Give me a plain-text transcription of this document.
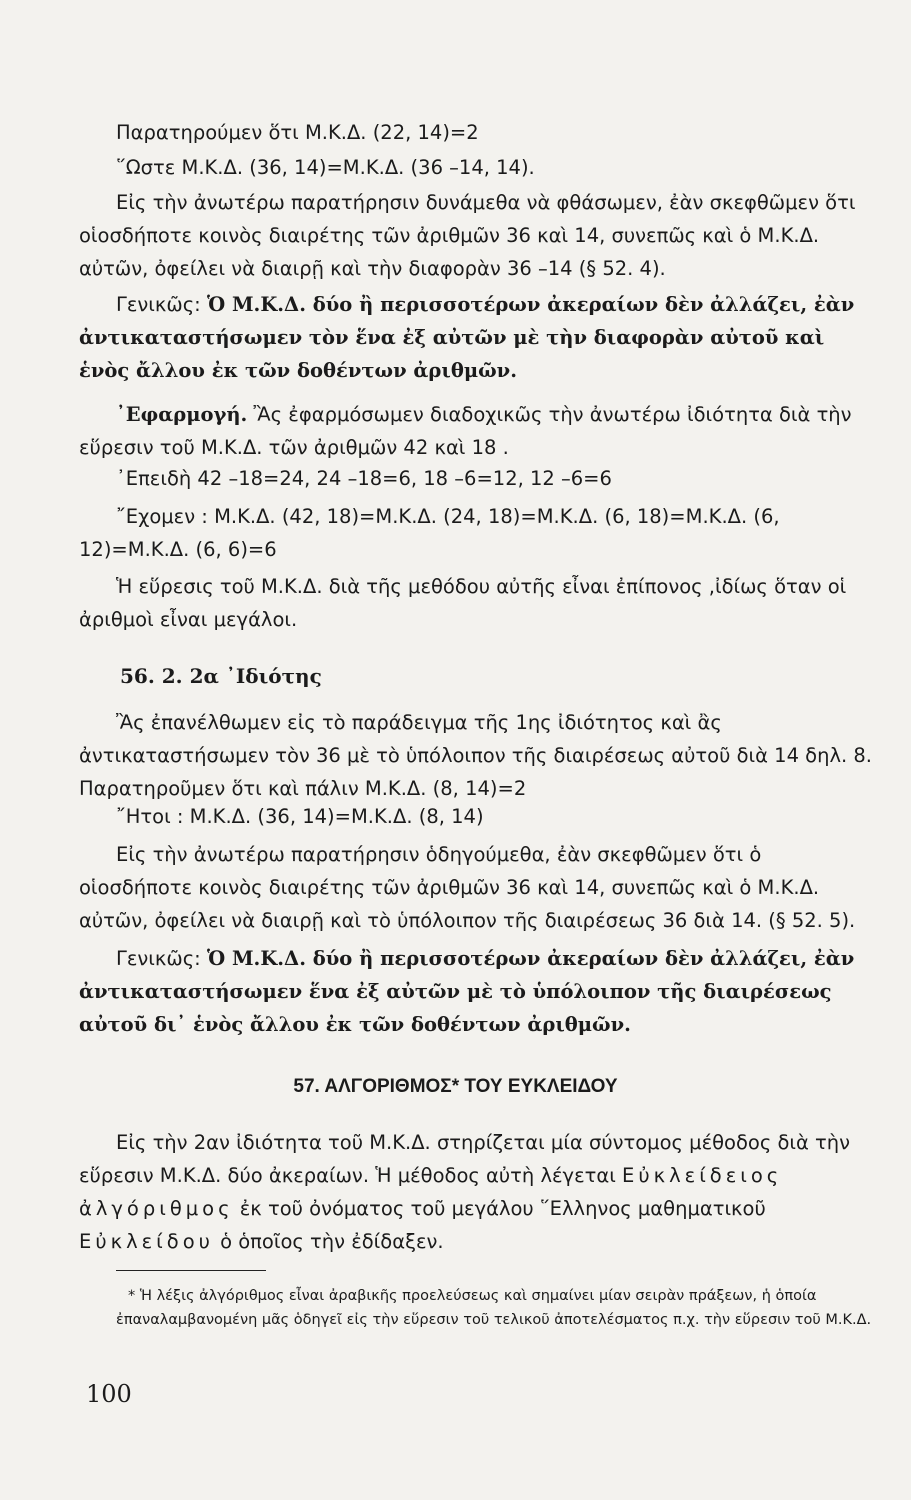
Παρατηρούμεν ὅτι Μ.Κ.Δ. (22, 14)=2

῞Ωστε Μ.Κ.Δ. (36, 14)=Μ.Κ.Δ. (36 –14, 14).

Εἰς τὴν ἀνωτέρω παρατήρησιν δυνάμεθα νὰ φθάσωμεν, ἐὰν σκεφθῶμεν ὅτι οἱοσδήποτε κοινὸς διαιρέτης τῶν ἀριθμῶν 36 καὶ 14, συνεπῶς καὶ ὁ Μ.Κ.Δ. αὐτῶν, ὀφείλει νὰ διαιρῇ καὶ τὴν διαφορὰν 36 –14 (§ 52. 4).

Γενικῶς: Ὁ Μ.Κ.Δ. δύο ἢ περισσοτέρων ἀκεραίων δὲν ἀλλάζει, ἐὰν ἀντικαταστήσωμεν τὸν ἕνα ἐξ αὐτῶν μὲ τὴν διαφορὰν αὐτοῦ καὶ ἑνὸς ἄλλου ἐκ τῶν δοθέντων ἀριθμῶν.

᾿Εφαρμογή. Ἂς ἐφαρμόσωμεν διαδοχικῶς τὴν ἀνωτέρω ἰδιότητα διὰ τὴν εὕρεσιν τοῦ Μ.Κ.Δ. τῶν ἀριθμῶν 42 καὶ 18 .

᾿Επειδὴ 42 –18=24, 24 –18=6, 18 –6=12, 12 –6=6

῎Εχομεν : Μ.Κ.Δ. (42, 18)=Μ.Κ.Δ. (24, 18)=Μ.Κ.Δ. (6, 18)=Μ.Κ.Δ. (6, 12)=Μ.Κ.Δ. (6, 6)=6

Ἡ εὕρεσις τοῦ Μ.Κ.Δ. διὰ τῆς μεθόδου αὐτῆς εἶναι ἐπίπονος ,ἰδίως ὅταν οἱ ἀριθμοὶ εἶναι μεγάλοι.

56. 2. 2α ᾿Ιδιότης

Ἂς ἐπανέλθωμεν εἰς τὸ παράδειγμα τῆς 1ης ἰδιότητος καὶ ἂς ἀντικαταστήσωμεν τὸν 36 μὲ τὸ ὑπόλοιπον τῆς διαιρέσεως αὐτοῦ διὰ 14 δηλ. 8. Παρατηροῦμεν ὅτι καὶ πάλιν Μ.Κ.Δ. (8, 14)=2

῎Ητοι : Μ.Κ.Δ. (36, 14)=Μ.Κ.Δ. (8, 14)

Εἰς τὴν ἀνωτέρω παρατήρησιν ὁδηγούμεθα, ἐὰν σκεφθῶμεν ὅτι ὁ οἱοσδήποτε κοινὸς διαιρέτης τῶν ἀριθμῶν 36 καὶ 14, συνεπῶς καὶ ὁ Μ.Κ.Δ. αὐτῶν, ὀφείλει νὰ διαιρῇ καὶ τὸ ὑπόλοιπον τῆς διαιρέσεως 36 διὰ 14. (§ 52. 5).

Γενικῶς: Ὁ Μ.Κ.Δ. δύο ἢ περισσοτέρων ἀκεραίων δὲν ἀλλάζει, ἐὰν ἀντικαταστήσωμεν ἕνα ἐξ αὐτῶν μὲ τὸ ὑπόλοιπον τῆς διαιρέσεως αὐτοῦ δι᾿ ἑνὸς ἄλλου ἐκ τῶν δοθέντων ἀριθμῶν.

57. ΑΛΓΟΡΙΘΜΟΣ* ΤΟΥ ΕΥΚΛΕΙΔΟΥ

Εἰς τὴν 2αν ἰδιότητα τοῦ Μ.Κ.Δ. στηρίζεται μία σύντομος μέθοδος διὰ τὴν εὕρεσιν Μ.Κ.Δ. δύο ἀκεραίων. Ἡ μέθοδος αὐτὴ λέγεται Εὐκλείδειος ἀλγόριθμος ἐκ τοῦ ὀνόματος τοῦ μεγάλου ῞Ελληνος μαθηματικοῦ Εὐκλείδου ὁ ὁποῖος τὴν ἐδίδαξεν.

* Ἡ λέξις ἀλγόριθμος εἶναι ἀραβικῆς προελεύσεως καὶ σημαίνει μίαν σειρὰν πράξεων, ἡ ὁποία ἐπαναλαμβανομένη μᾶς ὁδηγεῖ εἰς τὴν εὕρεσιν τοῦ τελικοῦ ἀποτελέσματος π.χ. τὴν εὕρεσιν τοῦ Μ.Κ.Δ.

100
